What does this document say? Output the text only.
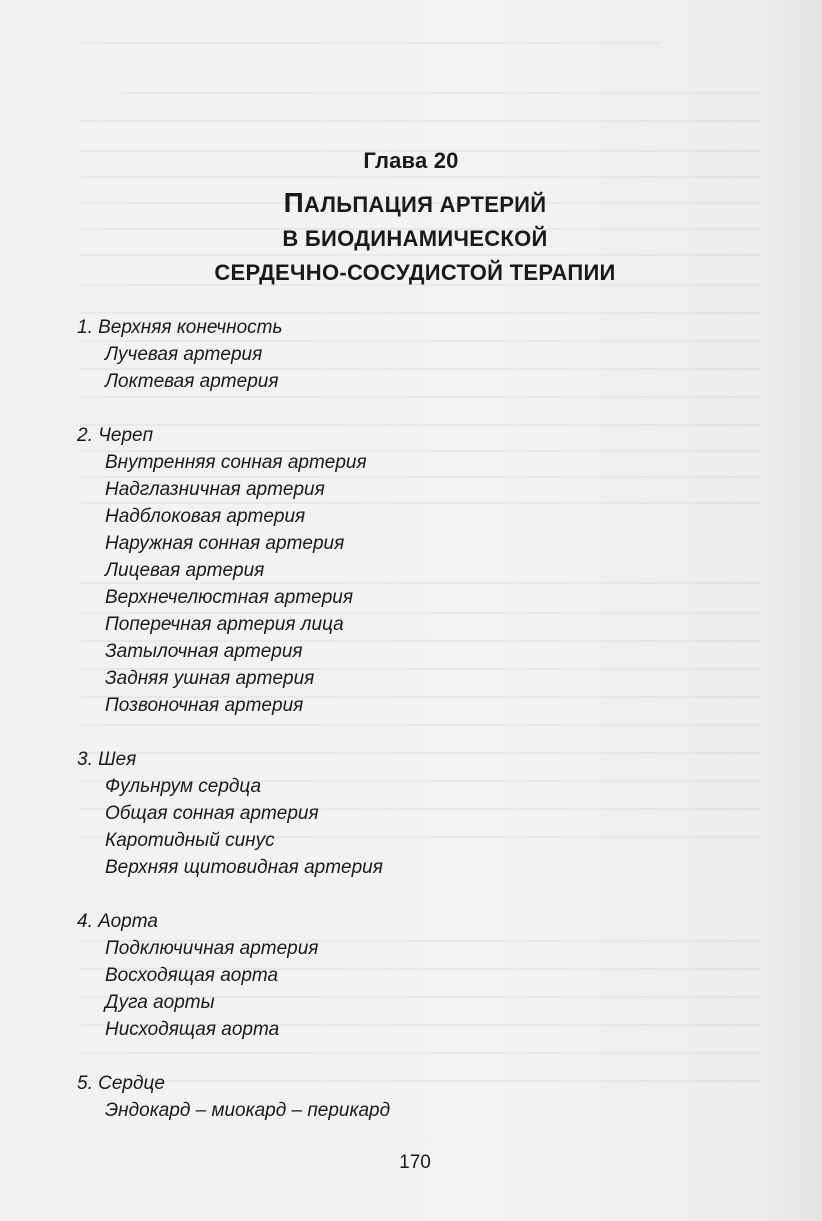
Глава 20
ПАЛЬПАЦИЯ АРТЕРИЙ
В БИОДИНАМИЧЕСКОЙ
СЕРДЕЧНО-СОСУДИСТОЙ ТЕРАПИИ
1. Верхняя конечность
Лучевая артерия
Локтевая артерия
2. Череп
Внутренняя сонная артерия
Надглазничная артерия
Надблоковая артерия
Наружная сонная артерия
Лицевая артерия
Верхнечелюстная артерия
Поперечная артерия лица
Затылочная артерия
Задняя ушная артерия
Позвоночная артерия
3. Шея
Фульнрум сердца
Общая сонная артерия
Каротидный синус
Верхняя щитовидная артерия
4. Аорта
Подключичная артерия
Восходящая аорта
Дуга аорты
Нисходящая аорта
5. Сердце
Эндокард – миокард – перикард
170
